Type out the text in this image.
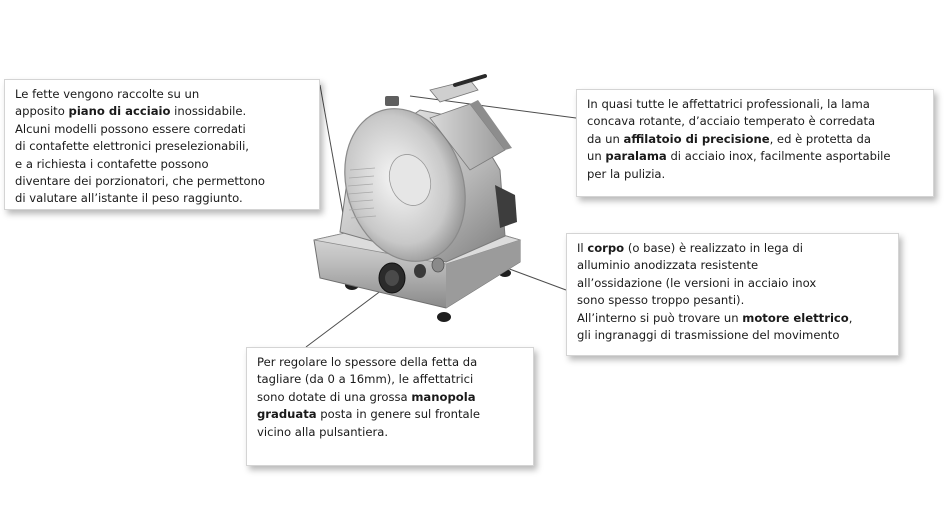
Le fette vengono raccolte su un
apposito piano di acciaio inossidabile.
Alcuni modelli possono essere corredati
di contafette elettronici preselezionabili,
e a richiesta i contafette possono
diventare dei porzionatori, che permettono
di valutare all’istante il peso raggiunto.
In quasi tutte le affettatrici professionali, la lama
concava rotante, d’acciaio temperato è corredata
da un affilatoio di precisione, ed è protetta da
un paralama di acciaio inox, facilmente asportabile
per la pulizia.
Il corpo (o base) è realizzato in lega di
alluminio anodizzata resistente
all’ossidazione (le versioni in acciaio inox
sono spesso troppo pesanti).
All’interno si può trovare un motore elettrico,
gli ingranaggi di trasmissione del movimento
Per regolare lo spessore della fetta da
tagliare (da 0 a 16mm), le affettatrici
sono dotate di una grossa manopola
graduata posta in genere sul frontale
vicino alla pulsantiera.
